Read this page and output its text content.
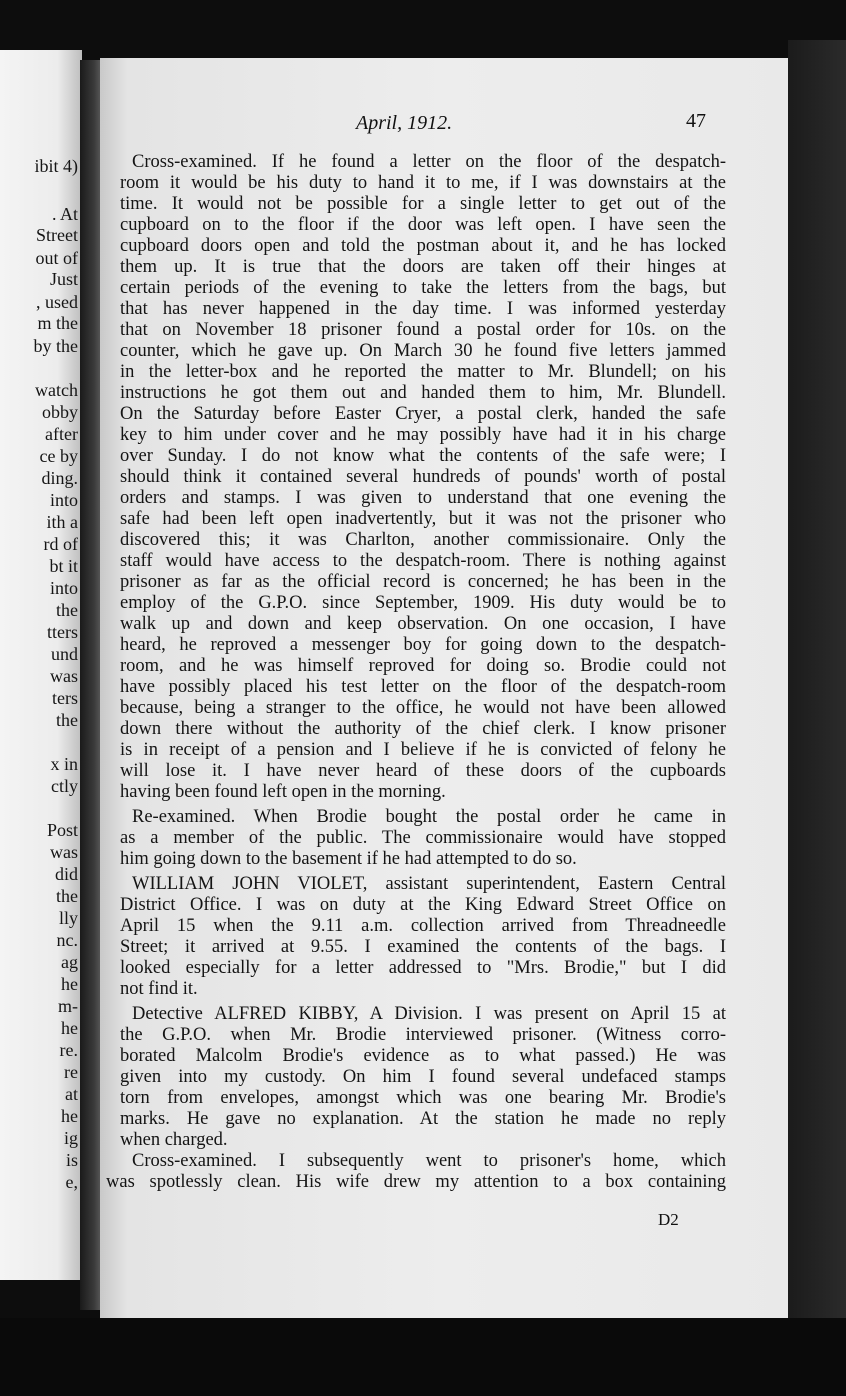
ibit 4)

. At

Street

out of

Just

, used

m the

by the

watch

obby

after

ce by

ding.

into

ith a

rd of

bt it

into

the

tters

und

was

ters

the

x in

ctly

Post

was

did

the

lly

nc.

ag

he

m-

he

re.

re

at

he

ig

is

e,

April, 1912.	47

Cross-examined. If he found a letter on the floor of the despatch-

room it would be his duty to hand it to me, if I was downstairs at the

time. It would not be possible for a single letter to get out of the

cupboard on to the floor if the door was left open. I have seen the

cupboard doors open and told the postman about it, and he has locked

them up. It is true that the doors are taken off their hinges at

certain periods of the evening to take the letters from the bags, but

that has never happened in the day time. I was informed yesterday

that on November 18 prisoner found a postal order for 10s. on the

counter, which he gave up. On March 30 he found five letters jammed

in the letter-box and he reported the matter to Mr. Blundell; on his

instructions he got them out and handed them to him, Mr. Blundell.

On the Saturday before Easter Cryer, a postal clerk, handed the safe

key to him under cover and he may possibly have had it in his charge

over Sunday. I do not know what the contents of the safe were; I

should think it contained several hundreds of pounds' worth of postal

orders and stamps. I was given to understand that one evening the

safe had been left open inadvertently, but it was not the prisoner who

discovered this; it was Charlton, another commissionaire. Only the

staff would have access to the despatch-room. There is nothing against

prisoner as far as the official record is concerned; he has been in the

employ of the G.P.O. since September, 1909. His duty would be to

walk up and down and keep observation. On one occasion, I have

heard, he reproved a messenger boy for going down to the despatch-

room, and he was himself reproved for doing so. Brodie could not

have possibly placed his test letter on the floor of the despatch-room

because, being a stranger to the office, he would not have been allowed

down there without the authority of the chief clerk. I know prisoner

is in receipt of a pension and I believe if he is convicted of felony he

will lose it. I have never heard of these doors of the cupboards

having been found left open in the morning.

Re-examined. When Brodie bought the postal order he came in

as a member of the public. The commissionaire would have stopped

him going down to the basement if he had attempted to do so.

WILLIAM JOHN VIOLET, assistant superintendent, Eastern Central

District Office. I was on duty at the King Edward Street Office on

April 15 when the 9.11 a.m. collection arrived from Threadneedle

Street; it arrived at 9.55. I examined the contents of the bags. I

looked especially for a letter addressed to "Mrs. Brodie," but I did

not find it.

Detective ALFRED KIBBY, A Division. I was present on April 15 at

the G.P.O. when Mr. Brodie interviewed prisoner. (Witness corro-

borated Malcolm Brodie's evidence as to what passed.) He was

given into my custody. On him I found several undefaced stamps

torn from envelopes, amongst which was one bearing Mr. Brodie's

marks. He gave no explanation. At the station he made no reply

when charged.

Cross-examined. I subsequently went to prisoner's home, which

was spotlessly clean. His wife drew my attention to a box containing

D2
